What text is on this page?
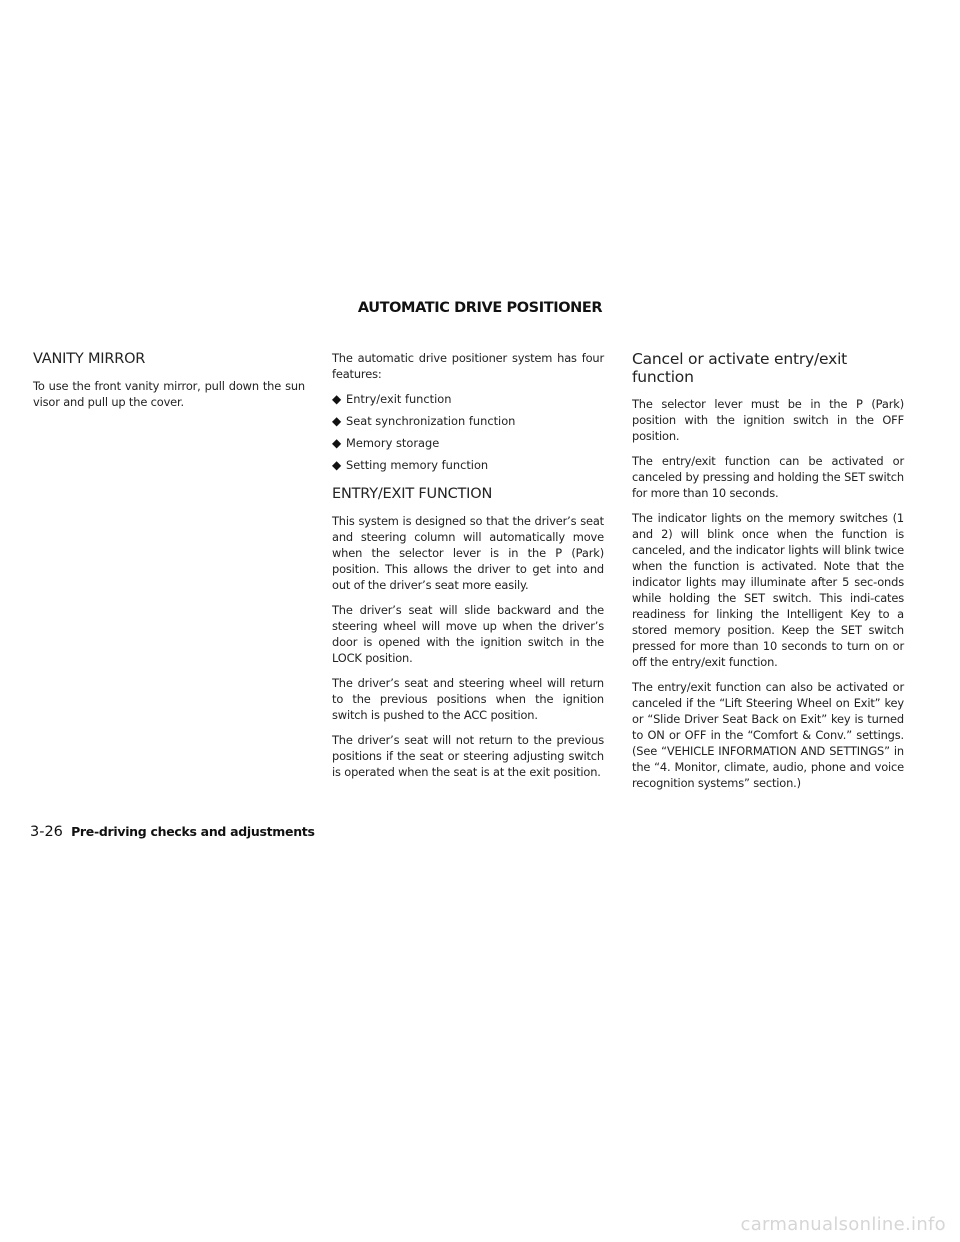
AUTOMATIC DRIVE POSITIONER
VANITY MIRROR

To use the front vanity mirror, pull down the sun visor and pull up the cover.

The automatic drive positioner system has four features:

◆ Entry/exit function
◆ Seat synchronization function
◆ Memory storage
◆ Setting memory function
ENTRY/EXIT FUNCTION

This system is designed so that the driver’s seat and steering column will automatically move when the selector lever is in the P (Park) position. This allows the driver to get into and out of the driver’s seat more easily.

The driver’s seat will slide backward and the steering wheel will move up when the driver’s door is opened with the ignition switch in the LOCK position.

The driver’s seat and steering wheel will return to the previous positions when the ignition switch is pushed to the ACC position.

The driver’s seat will not return to the previous positions if the seat or steering adjusting switch is operated when the seat is at the exit position.

Cancel or activate entry/exit function

The selector lever must be in the P (Park) position with the ignition switch in the OFF position.

The entry/exit function can be activated or canceled by pressing and holding the SET switch for more than 10 seconds.

The indicator lights on the memory switches (1 and 2) will blink once when the function is canceled, and the indicator lights will blink twice when the function is activated. Note that the indicator lights may illuminate after 5 sec-onds while holding the SET switch. This indi-cates readiness for linking the Intelligent Key to a stored memory position. Keep the SET switch pressed for more than 10 seconds to turn on or off the entry/exit function.

The entry/exit function can also be activated or canceled if the “Lift Steering Wheel on Exit” key or “Slide Driver Seat Back on Exit” key is turned to ON or OFF in the “Comfort & Conv.” settings. (See “VEHICLE INFORMATION AND SETTINGS” in the “4. Monitor, climate, audio, phone and voice recognition systems” section.)

3-26 Pre-driving checks and adjustments
carmanualsonline.info
